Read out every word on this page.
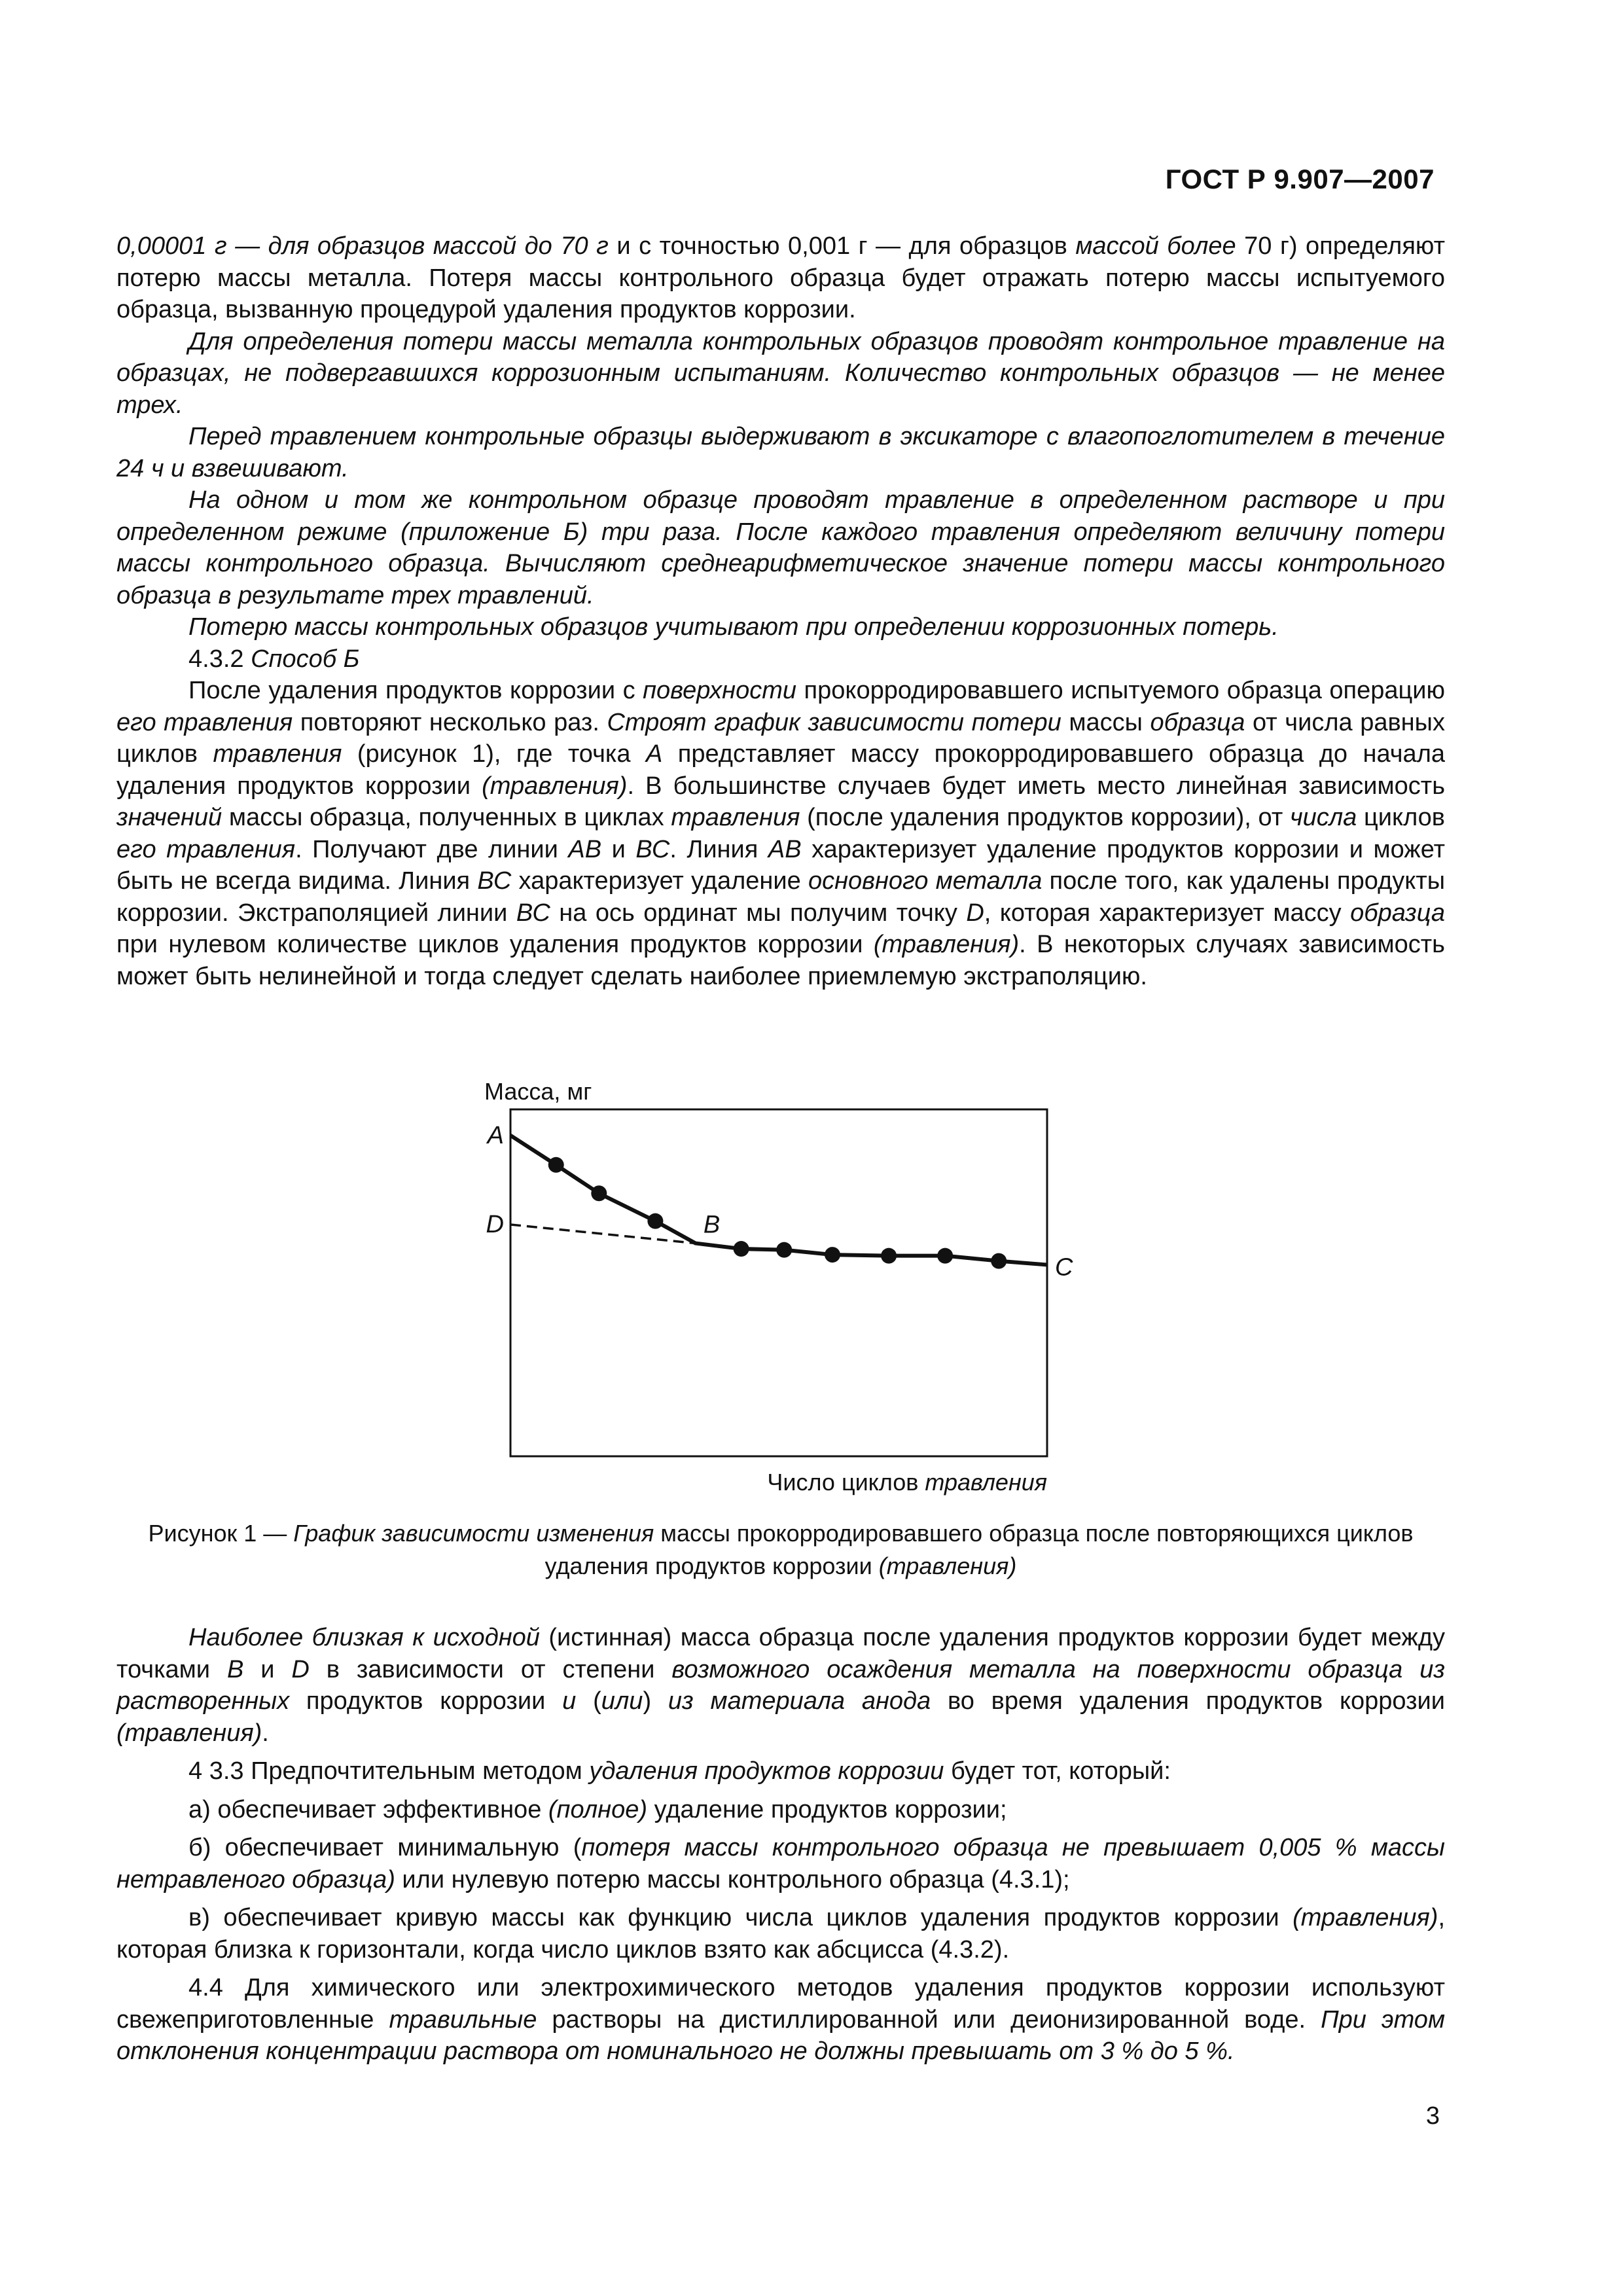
ГОСТ Р 9.907—2007

0,00001 г — для образцов массой до 70 г и с точностью 0,001 г — для образцов массой более 70 г) определяют потерю массы металла. Потеря массы контрольного образца будет отражать потерю массы испытуемого образца, вызванную процедурой удаления продуктов коррозии.

Для определения потери массы металла контрольных образцов проводят контрольное травление на образцах, не подвергавшихся коррозионным испытаниям. Количество контрольных образцов — не менее трех.

Перед травлением контрольные образцы выдерживают в эксикаторе с влагопоглотителем в течение 24 ч и взвешивают.

На одном и том же контрольном образце проводят травление в определенном растворе и при определенном режиме (приложение Б) три раза. После каждого травления определяют величину потери массы контрольного образца. Вычисляют среднеарифметическое значение потери массы контрольного образца в результате трех травлений.

Потерю массы контрольных образцов учитывают при определении коррозионных потерь.

4.3.2 Способ Б

После удаления продуктов коррозии с поверхности прокорродировавшего испытуемого образца операцию его травления повторяют несколько раз. Строят график зависимости потери массы образца от числа равных циклов травления (рисунок 1), где точка А представляет массу прокорродировавшего образца до начала удаления продуктов коррозии (травления). В большинстве случаев будет иметь место линейная зависимость значений массы образца, полученных в циклах травления (после удаления продуктов коррозии), от числа циклов его травления. Получают две линии АВ и ВС. Линия АВ характеризует удаление продуктов коррозии и может быть не всегда видима. Линия ВС характеризует удаление основного металла после того, как удалены продукты коррозии. Экстраполяцией линии ВС на ось ординат мы получим точку D, которая характеризует массу образца при нулевом количестве циклов удаления продуктов коррозии (травления). В некоторых случаях зависимость может быть нелинейной и тогда следует сделать наиболее приемлемую экстраполяцию.

A
D	B
C
Масса, мг
Число циклов травления
Рисунок 1 — График зависимости изменения массы прокорродировавшего образца после повторяющихся циклов удаления продуктов коррозии (травления)

Наиболее близкая к исходной (истинная) масса образца после удаления продуктов коррозии будет между точками В и D в зависимости от степени возможного осаждения металла на поверхности образца из растворенных продуктов коррозии и (или) из материала анода во время удаления продуктов коррозии (травления).

4 3.3 Предпочтительным методом удаления продуктов коррозии будет тот, который:

а) обеспечивает эффективное (полное) удаление продуктов коррозии;

б) обеспечивает минимальную (потеря массы контрольного образца не превышает 0,005 % массы нетравленого образца) или нулевую потерю массы контрольного образца (4.3.1);

в) обеспечивает кривую массы как функцию числа циклов удаления продуктов коррозии (травления), которая близка к горизонтали, когда число циклов взято как абсцисса (4.3.2).

4.4 Для химического или электрохимического методов удаления продуктов коррозии используют свежеприготовленные травильные растворы на дистиллированной или деионизированной воде. При этом отклонения концентрации раствора от номинального не должны превышать от 3 % до 5 %.

3
